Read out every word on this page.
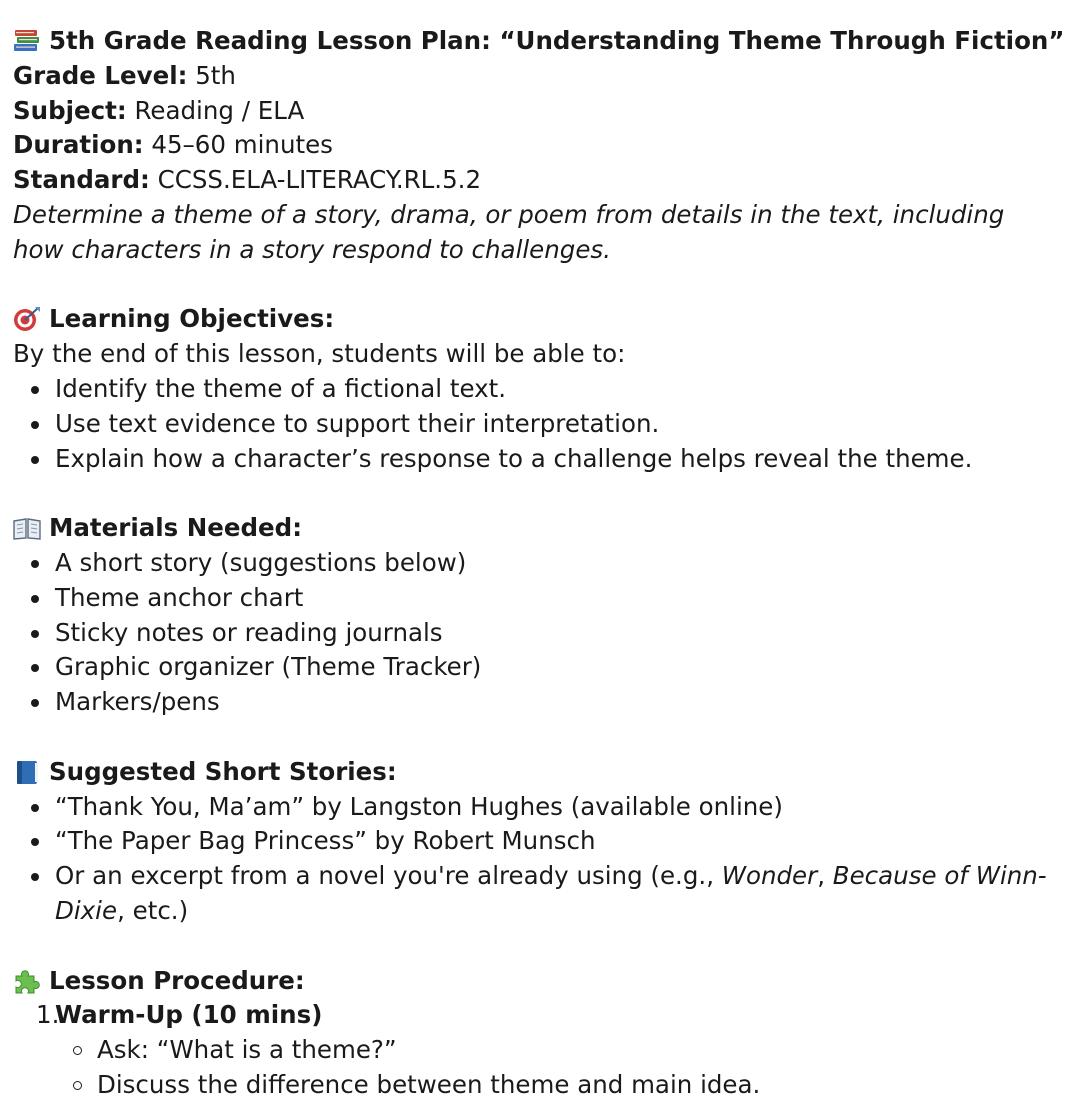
5th Grade Reading Lesson Plan: “Understanding Theme Through Fiction”
Grade Level: 5th
Subject: Reading / ELA
Duration: 45–60 minutes
Standard: CCSS.ELA-LITERACY.RL.5.2
Determine a theme of a story, drama, or poem from details in the text, including
how characters in a story respond to challenges.
Learning Objectives:
By the end of this lesson, students will be able to:
Identify the theme of a fictional text.
Use text evidence to support their interpretation.
Explain how a character’s response to a challenge helps reveal the theme.
Materials Needed:
A short story (suggestions below)
Theme anchor chart
Sticky notes or reading journals
Graphic organizer (Theme Tracker)
Markers/pens
Suggested Short Stories:
“Thank You, Ma’am” by Langston Hughes (available online)
“The Paper Bag Princess” by Robert Munsch
Or an excerpt from a novel you're already using (e.g., Wonder, Because of Winn-Dixie, etc.)
Lesson Procedure:
1.
Warm-Up (10 mins)
Ask: “What is a theme?”
Discuss the difference between theme and main idea.
